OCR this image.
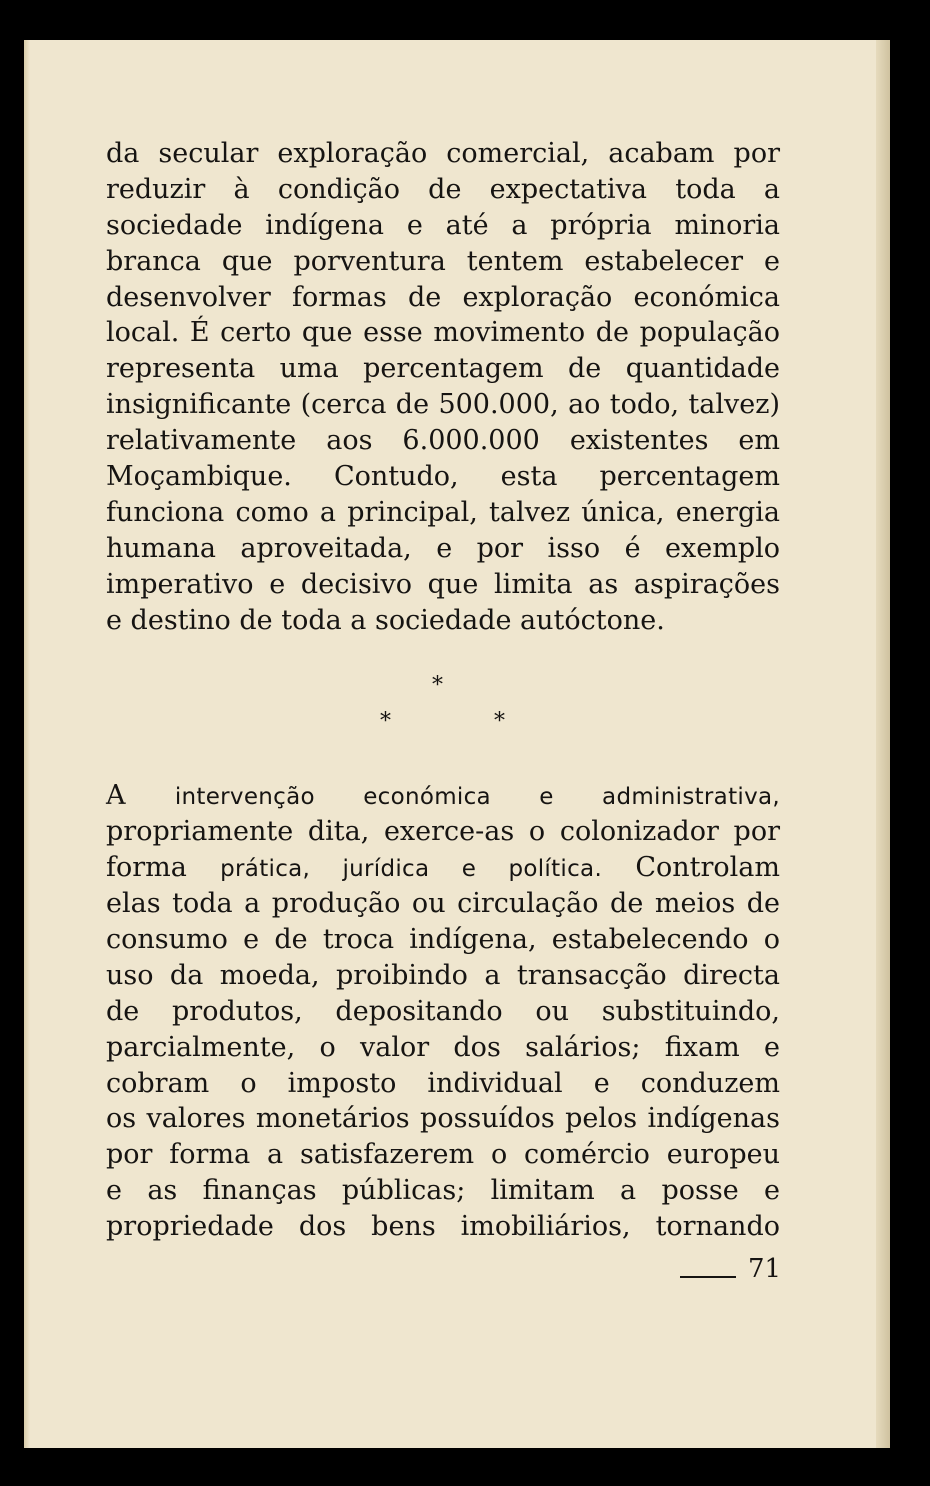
da secular exploração comercial, acabam por
reduzir à condição de expectativa toda a
sociedade indígena e até a própria minoria
branca que porventura tentem estabelecer e
desenvolver formas de exploração económica
local. É certo que esse movimento de população
representa uma percentagem de quantidade
insignificante (cerca de 500.000, ao todo, talvez)
relativamente aos 6.000.000 existentes em
Moçambique. Contudo, esta percentagem
funciona como a principal, talvez única, energia
humana aproveitada, e por isso é exemplo
imperativo e decisivo que limita as aspirações
e destino de toda a sociedade autóctone.
*
*	*
A intervenção económica e administrativa,
propriamente dita, exerce-as o colonizador por
forma prática, jurídica e política. Controlam
elas toda a produção ou circulação de meios de
consumo e de troca indígena, estabelecendo o
uso da moeda, proibindo a transacção directa
de produtos, depositando ou substituindo,
parcialmente, o valor dos salários; fixam e
cobram o imposto individual e conduzem
os valores monetários possuídos pelos indígenas
por forma a satisfazerem o comércio europeu
e as finanças públicas; limitam a posse e
propriedade dos bens imobiliários, tornando
71
